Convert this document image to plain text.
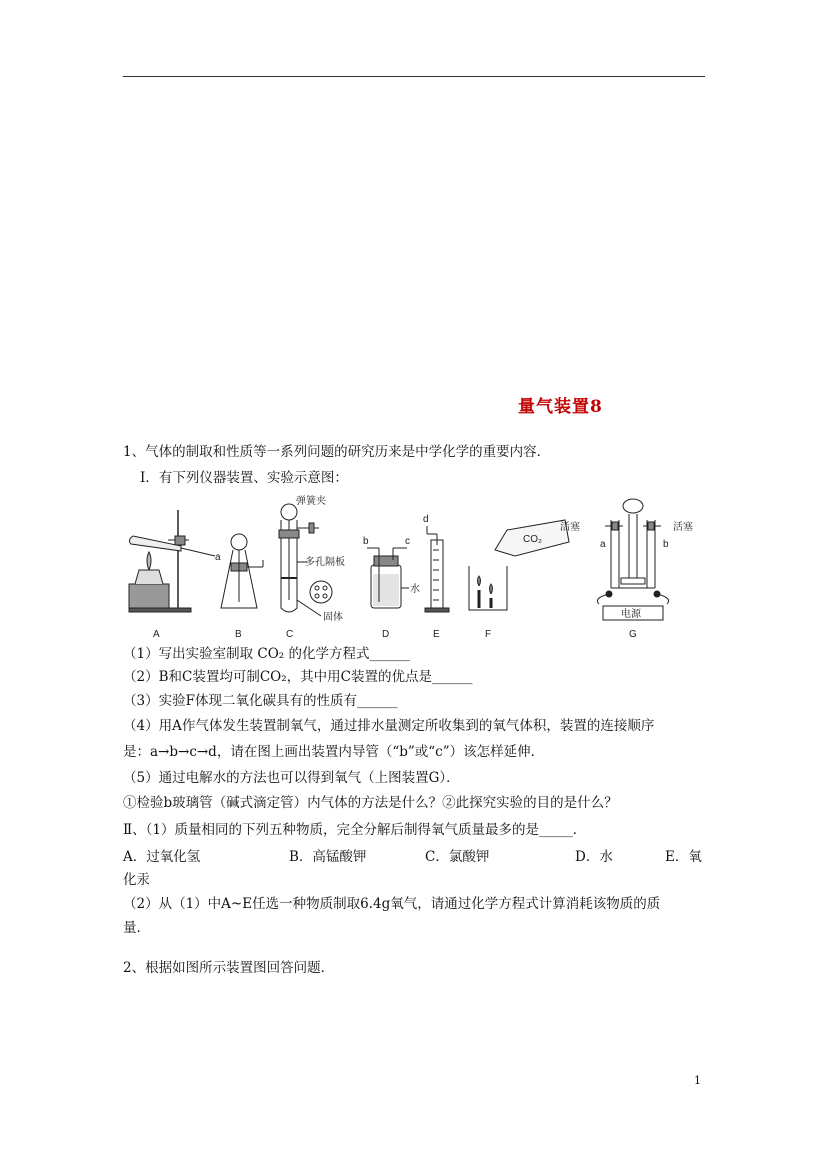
量气装置8
1、气体的制取和性质等一系列问题的研究历来是中学化学的重要内容．
Ⅰ．有下列仪器装置、实验示意图：
a
A	B
弹簧夹
多孔隔板
固体
C
b	c
水
D
d
E
CO₂
F
电源
活塞	活塞
a	b
G
（1）写出实验室制取 CO₂ 的化学方程式______
（2）B和C装置均可制CO₂，其中用C装置的优点是______
（3）实验F体现二氧化碳具有的性质有______
（4）用A作气体发生装置制氧气，通过排水量测定所收集到的氧气体积，装置的连接顺序
是：a→b→c→d，请在图上画出装置内导管（“b”或“c”）该怎样延伸．
（5）通过电解水的方法也可以得到氧气（上图装置G）．
①检验b玻璃管（碱式滴定管）内气体的方法是什么？②此探究实验的目的是什么？
Ⅱ、（1）质量相同的下列五种物质，完全分解后制得氧气质量最多的是_____．
A．过氧化氢	B．高锰酸钾	C．氯酸钾	D．水	E．氧
化汞
（2）从（1）中A~E任选一种物质制取6.4g氧气，请通过化学方程式计算消耗该物质的质
量．
2、根据如图所示装置图回答问题．
1
